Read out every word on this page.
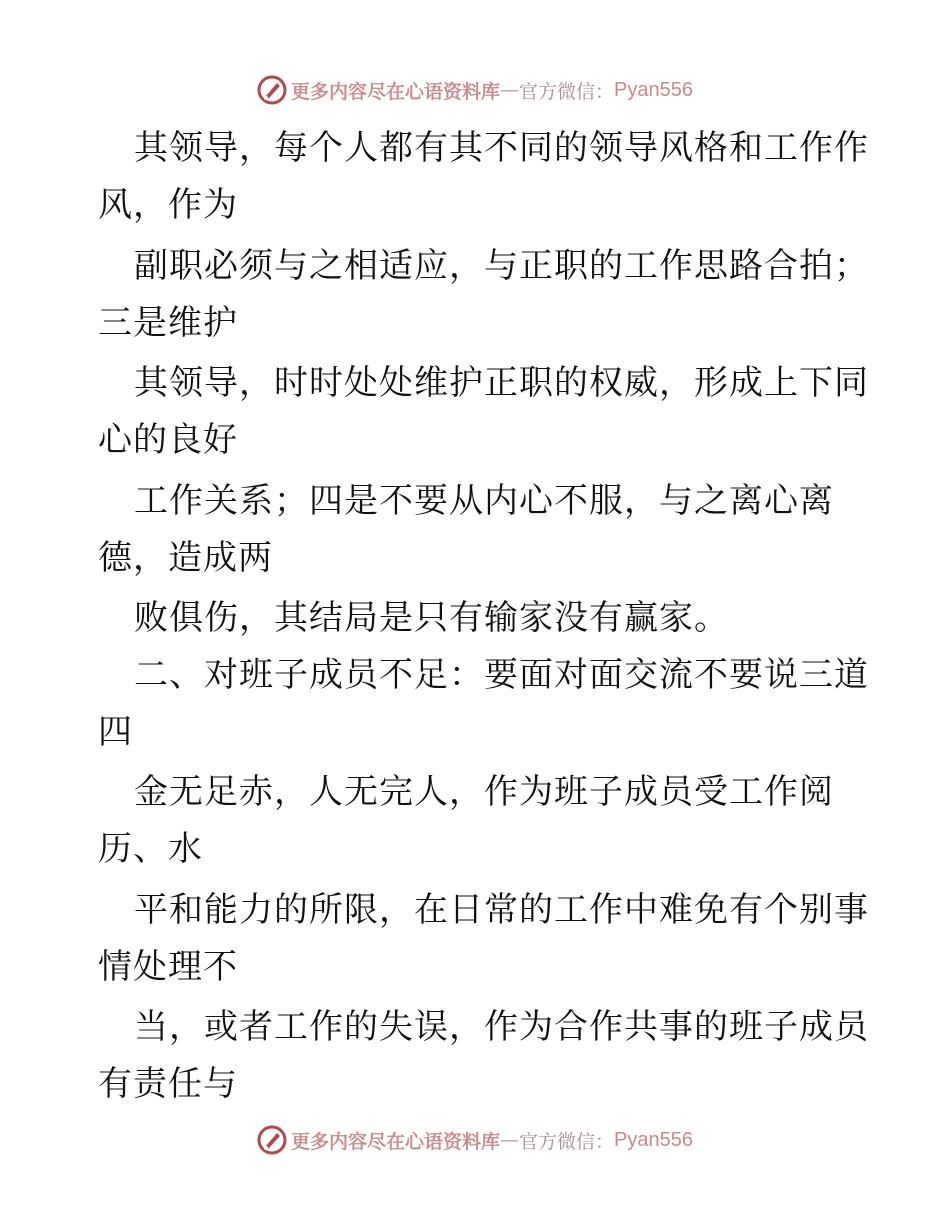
更多内容尽在心语资料库 — 官方微信： Pyan556
其领导，每个人都有其不同的领导风格和工作作
风，作为
副职必须与之相适应，与正职的工作思路合拍；
三是维护
其领导，时时处处维护正职的权威，形成上下同
心的良好
工作关系；四是不要从内心不服，与之离心离
德，造成两
败俱伤，其结局是只有输家没有赢家。
二、对班子成员不足：要面对面交流不要说三道
四
金无足赤，人无完人，作为班子成员受工作阅
历、水
平和能力的所限，在日常的工作中难免有个别事
情处理不
当，或者工作的失误，作为合作共事的班子成员
有责任与
更多内容尽在心语资料库 — 官方微信： Pyan556
